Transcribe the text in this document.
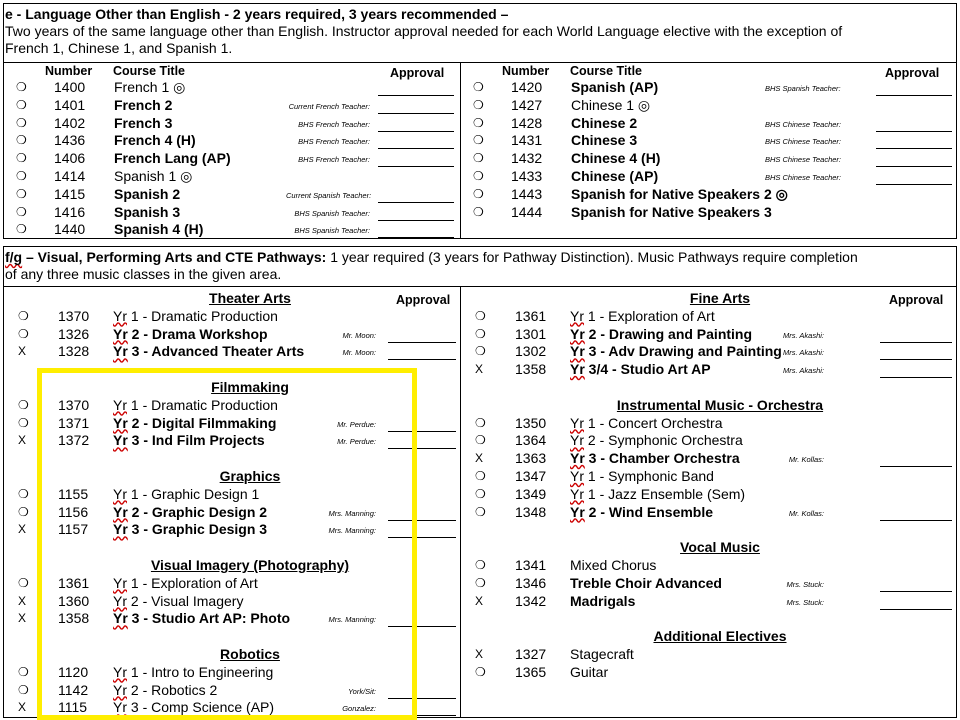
e - Language Other than English - 2 years required, 3 years recommended –
Two years of the same language other than English. Instructor approval needed for each World Language elective with the exception of
French 1, Chinese 1, and Spanish 1.
Number Course Title	Approval
❍ 1400 French 1 ◎
❍ 1401 French 2	Current French Teacher:
❍ 1402 French 3	BHS French Teacher:
❍ 1436 French 4 (H)	BHS French Teacher:
❍ 1406 French Lang (AP)	BHS French Teacher:
❍ 1414 Spanish 1 ◎
❍ 1415 Spanish 2	Current Spanish Teacher:
❍ 1416 Spanish 3	BHS Spanish Teacher:
❍ 1440 Spanish 4 (H)	BHS Spanish Teacher:
Number Course Title	Approval
❍ 1420 Spanish (AP)	BHS Spanish Teacher:
❍ 1427 Chinese 1 ◎
❍ 1428 Chinese 2	BHS Chinese Teacher:
❍ 1431 Chinese 3	BHS Chinese Teacher:
❍ 1432 Chinese 4 (H)	BHS Chinese Teacher:
❍ 1433 Chinese (AP)	BHS Chinese Teacher:
❍ 1443 Spanish for Native Speakers 2 ◎
❍ 1444 Spanish for Native Speakers 3
f/g – Visual, Performing Arts and CTE Pathways: 1 year required (3 years for Pathway Distinction). Music Pathways require completion
of any three music classes in the given area.
Approval	Approval
Theater Arts
❍ 1370 Yr 1 - Dramatic Production
❍ 1326 Yr 2 - Drama Workshop	Mr. Moon:
X 1328 Yr 3 - Advanced Theater Arts	Mr. Moon:
Filmmaking
❍ 1370 Yr 1 - Dramatic Production
❍ 1371 Yr 2 - Digital Filmmaking	Mr. Perdue:
X 1372 Yr 3 - Ind Film Projects	Mr. Perdue:
Graphics
❍ 1155 Yr 1 - Graphic Design 1
❍ 1156 Yr 2 - Graphic Design 2	Mrs. Manning:
X 1157 Yr 3 - Graphic Design 3	Mrs. Manning:
Visual Imagery (Photography)
❍ 1361 Yr 1 - Exploration of Art
X 1360 Yr 2 - Visual Imagery
X 1358 Yr 3 - Studio Art AP: Photo	Mrs. Manning:
Robotics
❍ 1120 Yr 1 - Intro to Engineering
❍ 1142 Yr 2 - Robotics 2	York/Sit:
X 1115 Yr 3 - Comp Science (AP)	Gonzalez:
Fine Arts
❍ 1361 Yr 1 - Exploration of Art
❍ 1301 Yr 2 - Drawing and Painting	Mrs. Akashi:
❍ 1302 Yr 3 - Adv Drawing and Painting Mrs. Akashi:
X 1358 Yr 3/4 - Studio Art AP	Mrs. Akashi:
Instrumental Music - Orchestra
❍ 1350 Yr 1 - Concert Orchestra
❍ 1364 Yr 2 - Symphonic Orchestra
X 1363 Yr 3 - Chamber Orchestra	Mr. Kollas:
❍ 1347 Yr 1 - Symphonic Band
❍ 1349 Yr 1 - Jazz Ensemble (Sem)
❍ 1348 Yr 2 - Wind Ensemble	Mr. Kollas:
Vocal Music
❍ 1341 Mixed Chorus
❍ 1346 Treble Choir Advanced	Mrs. Stuck:
X 1342 Madrigals	Mrs. Stuck:
Additional Electives
X 1327 Stagecraft
❍ 1365 Guitar
